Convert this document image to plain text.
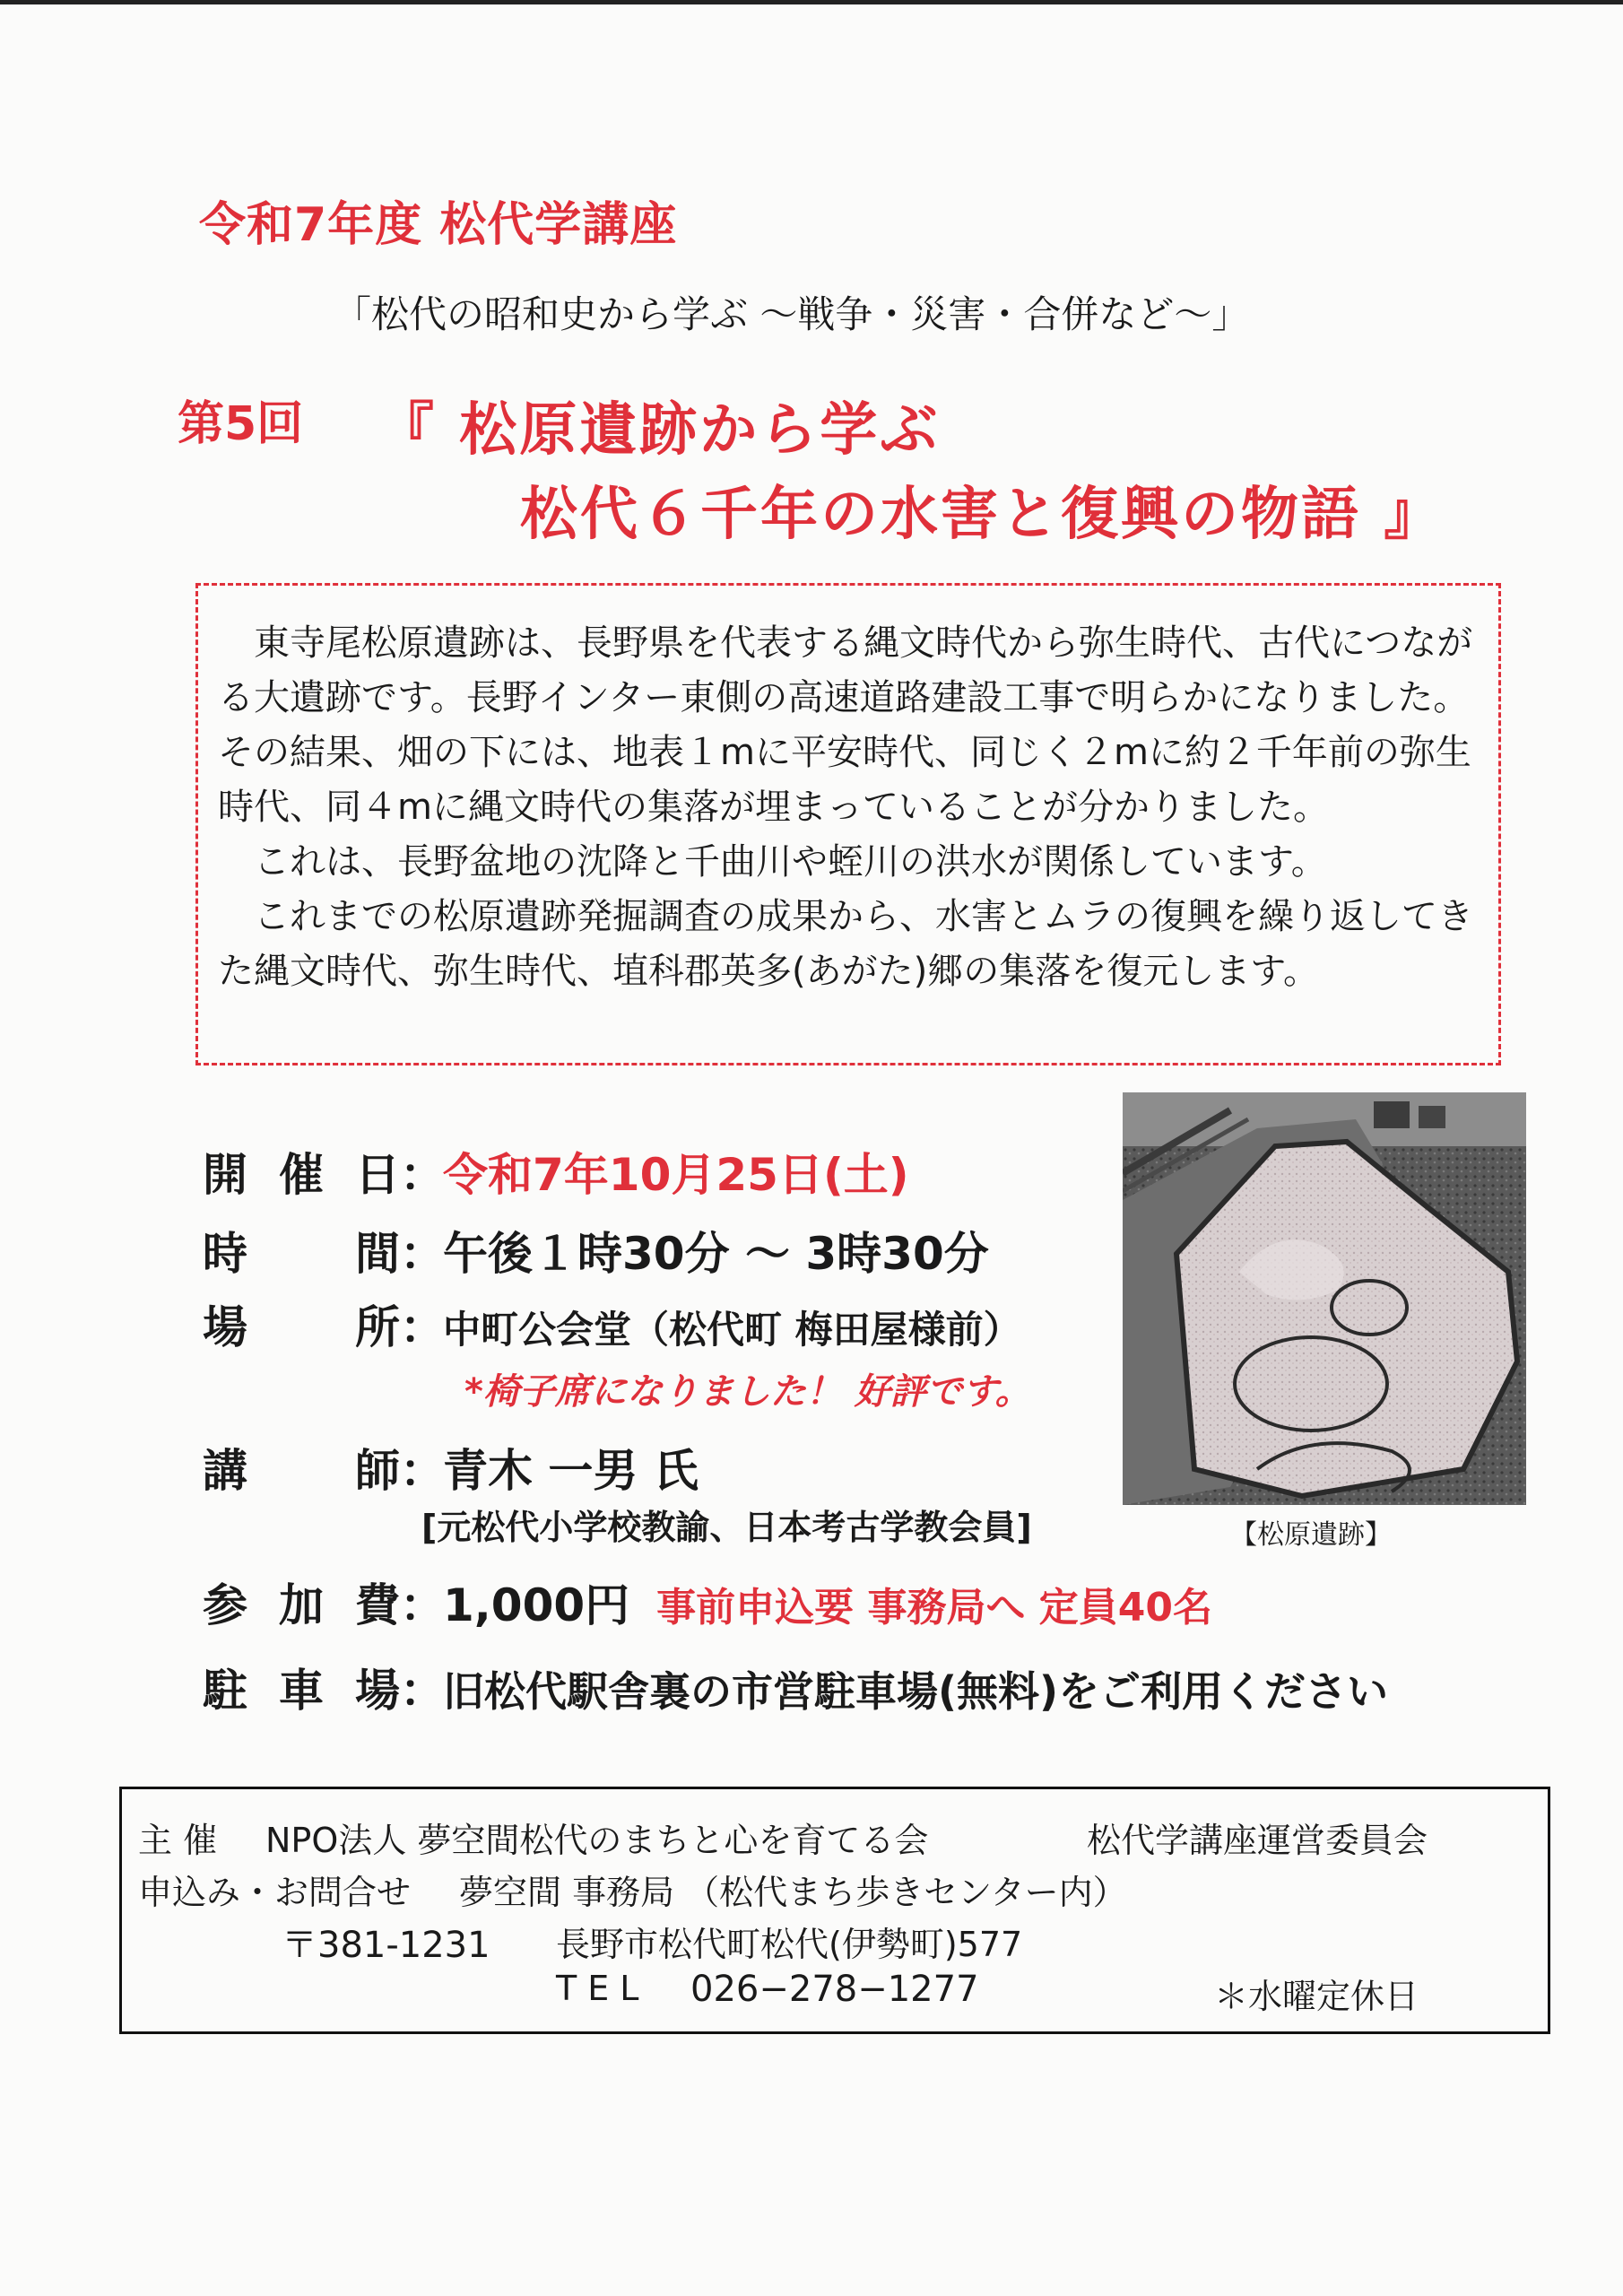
令和7年度 松代学講座
「松代の昭和史から学ぶ ～戦争・災害・合併など～」
第5回 『 松原遺跡から学ぶ
松代６千年の水害と復興の物語 』

東寺尾松原遺跡は、長野県を代表する縄文時代から弥生時代、古代につながる大遺跡です。長野インター東側の高速道路建設工事で明らかになりました。その結果、畑の下には、地表１mに平安時代、同じく２mに約２千年前の弥生時代、同４mに縄文時代の集落が埋まっていることが分かりました。

これは、長野盆地の沈降と千曲川や蛭川の洪水が関係しています。

これまでの松原遺跡発掘調査の成果から、水害とムラの復興を繰り返してきた縄文時代、弥生時代、埴科郡英多(あがた)郷の集落を復元します。

【松原遺跡】
開催日：令和7年10月25日(土)
時間：午後１時30分 ～ 3時30分
場所：中町公会堂（松代町 梅田屋様前）
*椅子席になりました！ 好評です。
講師：青木 一男 氏
[元松代小学校教諭、日本考古学教会員]
参加費：1,000円 事前申込要 事務局へ 定員40名
駐車場：旧松代駅舎裏の市営駐車場(無料)をご利用ください
主 催 NPO法人 夢空間松代のまちと心を育てる会	松代学講座運営委員会
申込み・お問合せ 夢空間 事務局 （松代まち歩きセンター内）
〒381-1231 長野市松代町松代(伊勢町)577
TEL 026−278−1277	＊水曜定休日
